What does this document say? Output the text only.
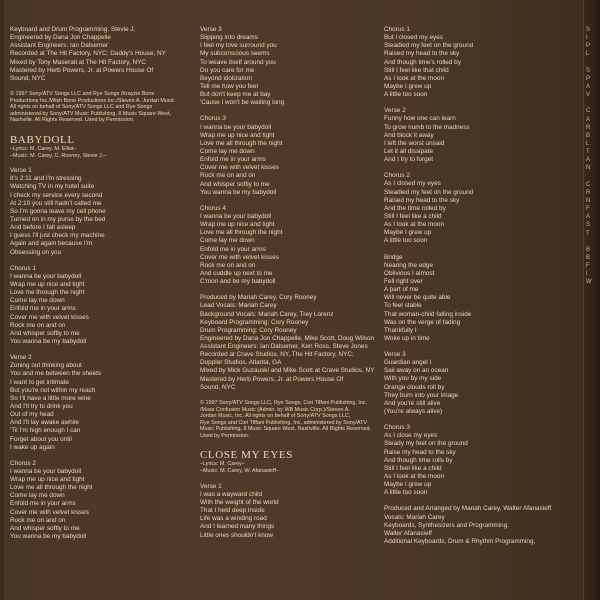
Keyboard and Drum Programming: Stevie J.
Engineered by Dana Jon Chappelle
Assistant Engineers: Ian Dalsemer
Recorded at The Hit Factory, NYC; Daddy's House, NY
Mixed by Tony Maserati at The Hit Factory, NYC
Mastered by Herb Powers, Jr. at Powers House Of
Sound, NYC
© 1997 Sony/ATV Songs LLC and Rye Songs /Krayzie Bone
Productions Inc./Wish Bone Productions Inc./Steven A. Jordan Music
All rights on behalf of Sony/ATV Songs LLC and Rye Songs
administered by Sony/ATV Music Publishing, 8 Music Square West,
Nashville. All Rights Reserved. Used by Permission.
BABYDOLL
–Lyrics: M. Carey, M. Elliot–
–Music: M. Carey, C. Rooney, Stevie J.–
Verse 1
It's 2:11 and I'm stressing
Watching TV in my hotel suite
I check my service every second
At 2:10 you still hadn't called me
So I'm gonna leave my cell phone
Turned on in my purse by the bed
And before I fall asleep
I guess I'll just check my machine
Again and again because I'm
Obsessing on you
Chorus 1
I wanna be your babydoll
Wrap me up nice and tight
Love me through the night
Come lay me down
Enfold me in your arms
Cover me with velvet kisses
Rock me on and on
And whisper softly to me
You wanna be my babydoll
Verse 2
Zoning out thinking about
You and me between the sheets
I want to get intimate
But you're not within my reach
So I'll have a little more wine
And I'll try to drink you
Out of my head
And I'll lay awake awhile
'Til I'm high enough I can
Forget about you until
I wake up again
Chorus 2
I wanna be your babydoll
Wrap me up nice and tight
Love me all through the night
Come lay me down
Enfold me in your arms
Cover me with velvet kisses
Rock me on and on
And whisper softly to me
You wanna be my babydoll
Verse 3
Slipping into dreams
I feel my love surround you
My subconscious seems
To weave itself around you
Do you care for me
Beyond idolization
Tell me how you feel
But don't keep me at bay
'Cause I won't be waiting long
Chorus 3
I wanna be your babydoll
Wrap me up nice and tight
Love me all through the night
Come lay me down
Enfold me in your arms
Cover me with velvet kisses
Rock me on and on
And whisper softly to me
You wanna be my babydoll
Chorus 4
I wanna be your babydoll
Wrap me up nice and tight
Love me all through the night
Come lay me down
Enfold me in your arms
Cover me with velvet kisses
Rock me on and on
And cuddle up next to me
C'mon and be my babydoll
Produced by Mariah Carey, Cory Rooney
Lead Vocals: Mariah Carey
Background Vocals: Mariah Carey, Trey Lorenz
Keyboard Programming: Cory Rooney
Drum Programming: Cory Rooney
Engineered by Dana Jon Chappelle, Mike Scott, Doug Wilson
Assistant Engineers: Ian Dalsemer, Ken Ross, Steve Jones
Recorded at Crave Studios, NY, The Hit Factory, NYC;
Doppler Studios, Atlanta, GA
Mixed by Mick Guzauski and Mike Scott at Crave Studios, NY
Mastered by Herb Powers, Jr. at Powers House Of
Sound, NYC
© 1997 Sony/ATV Songs LLC, Rye Songs, Cori Tiffani Publishing, Inc.
/Mass Confusion Music (Admin. by WB Music Corp.)/Steven A.
Jordan Music, Inc. All rights on behalf of Sony/ATV Songs LLC,
Rye Songs and Cori Tiffani Publishing, Inc. administered by Sony/ATV
Music Publishing, 8 Music Square West, Nashville. All Rights Reserved.
Used by Permission.
CLOSE MY EYES
–Lyrics: M. Carey–
–Music: M. Carey, W. Afanasieff–
Verse 1
I was a wayward child
With the weight of the world
That I held deep inside
Life was a winding road
And I learned many things
Little ones shouldn't know
Chorus 1
But I closed my eyes
Steadied my feet on the ground
Raised my head to the sky
And though time's rolled by
Still I feel like that child
As I look at the moon
Maybe I grew up
A little too soon
Verse 2
Funny how one can learn
To grow numb to the madness
And block it away
I left the worst unsaid
Let it all dissipate
And I try to forget
Chorus 2
As I closed my eyes
Steadied my feet on the ground
Raised my head to the sky
And the time rolled by
Still I feel like a child
As I look at the moon
Maybe I grew up
A little too soon
Bridge
Nearing the edge
Oblivious I almost
Fell right over
A part of me
Will never be quite able
To feel stable
That woman-child falling inside
Was on the verge of fading
Thankfully I
Woke up in time
Verse 3
Guardian angel I
Sail away on an ocean
With you by my side
Orange clouds roll by
They burn into your image
And you're still alive
(You're always alive)
Chorus 3
As I close my eyes
Steady my feet on the ground
Raise my head to the sky
And though time rolls by
Still I feel like a child
As I look at the moon
Maybe I grew up
A little too soon
Produced and Arranged by Mariah Carey, Walter Afanasieff
Vocals: Mariah Carey
Keyboards, Synthesizers and Programming:
Walter Afanasieff
Additional Keyboards, Drum & Rhythm Programming,
S
I
P
L

S
P
A
V

C
A
R
B
L
T
A
N

C
R
N
F
A
S
T

B
B
F
I
W
